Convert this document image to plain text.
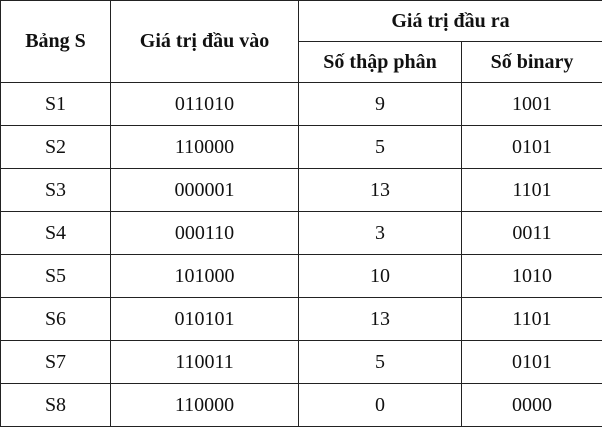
Bảng S	Giá trị đầu vào	Giá trị đầu ra	
		Số thập phân	Số binary
S1	011010	9	1001
S2	110000	5	0101
S3	000001	13	1101
S4	000110	3	0011
S5	101000	10	1010
S6	010101	13	1101
S7	110011	5	0101
S8	110000	0	0000
